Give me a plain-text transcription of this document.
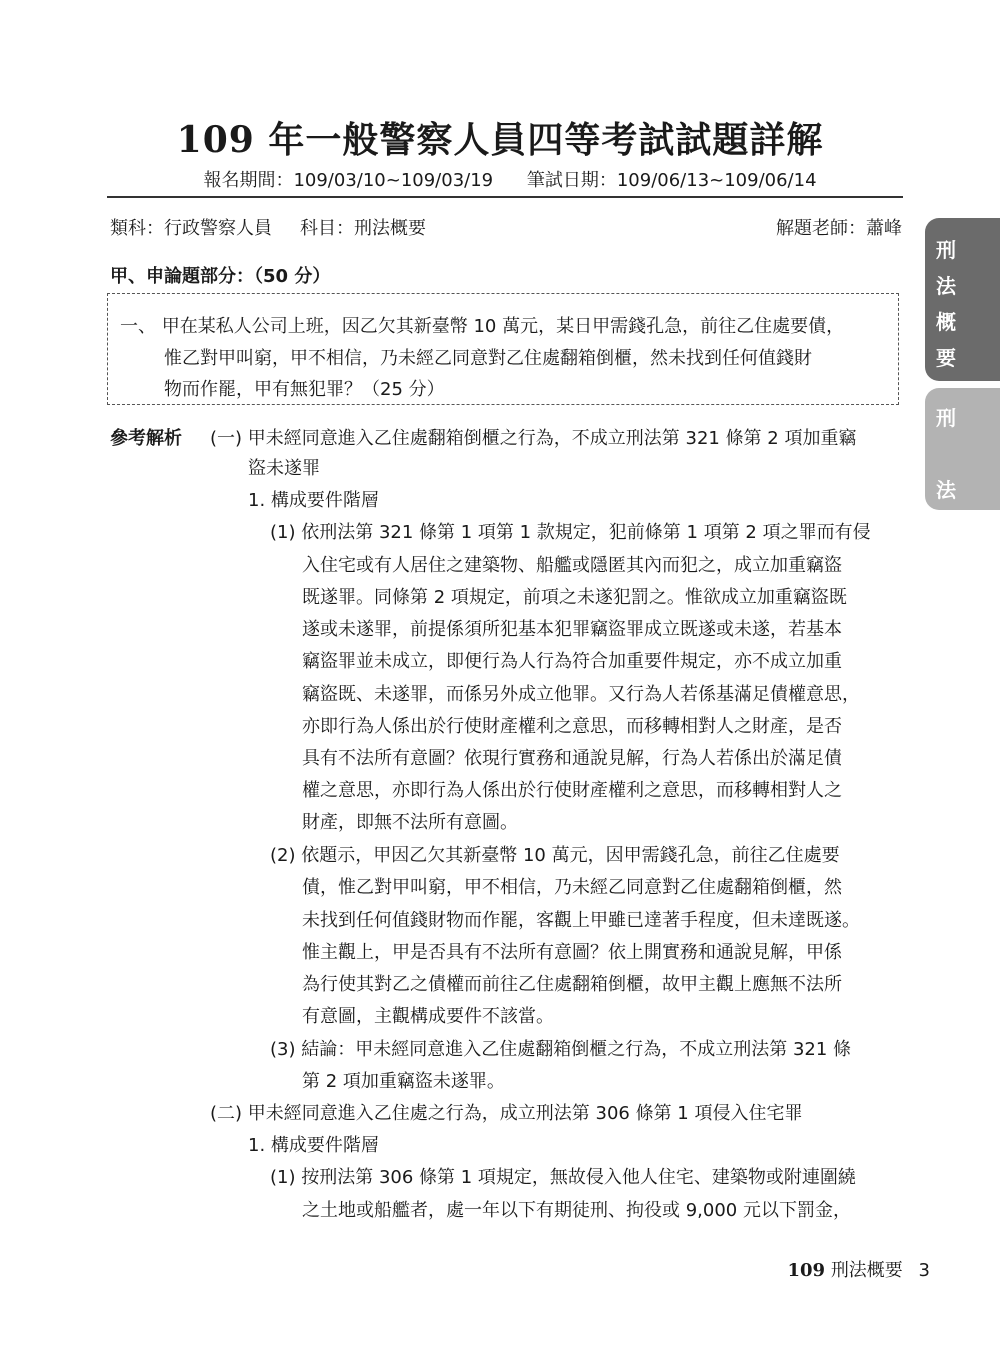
109 年一般警察人員四等考試試題詳解
報名期間：109/03/10~109/03/19 筆試日期：109/06/13~109/06/14
類科：行政警察人員 科目：刑法概要	解題老師：蕭峰
甲、申論題部分：（50 分）
一、 甲在某私人公司上班，因乙欠其新臺幣 10 萬元，某日甲需錢孔急，前往乙住處要債，
惟乙對甲叫窮，甲不相信，乃未經乙同意對乙住處翻箱倒櫃，然未找到任何值錢財
物而作罷，甲有無犯罪？（25 分）
參考解析 (一) 甲未經同意進入乙住處翻箱倒櫃之行為，不成立刑法第 321 條第 2 項加重竊
盜未遂罪
1. 構成要件階層
(1) 依刑法第 321 條第 1 項第 1 款規定，犯前條第 1 項第 2 項之罪而有侵
入住宅或有人居住之建築物、船艦或隱匿其內而犯之，成立加重竊盜
既遂罪。同條第 2 項規定，前項之未遂犯罰之。惟欲成立加重竊盜既
遂或未遂罪，前提係須所犯基本犯罪竊盜罪成立既遂或未遂，若基本
竊盜罪並未成立，即便行為人行為符合加重要件規定，亦不成立加重
竊盜既、未遂罪，而係另外成立他罪。又行為人若係基滿足債權意思，
亦即行為人係出於行使財產權利之意思，而移轉相對人之財產，是否
具有不法所有意圖？依現行實務和通說見解，行為人若係出於滿足債
權之意思，亦即行為人係出於行使財產權利之意思，而移轉相對人之
財產，即無不法所有意圖。
(2) 依題示，甲因乙欠其新臺幣 10 萬元，因甲需錢孔急，前往乙住處要
債，惟乙對甲叫窮，甲不相信，乃未經乙同意對乙住處翻箱倒櫃，然
未找到任何值錢財物而作罷，客觀上甲雖已達著手程度，但未達既遂。
惟主觀上，甲是否具有不法所有意圖？依上開實務和通說見解，甲係
為行使其對乙之債權而前往乙住處翻箱倒櫃，故甲主觀上應無不法所
有意圖，主觀構成要件不該當。
(3) 結論：甲未經同意進入乙住處翻箱倒櫃之行為，不成立刑法第 321 條
第 2 項加重竊盜未遂罪。
(二) 甲未經同意進入乙住處之行為，成立刑法第 306 條第 1 項侵入住宅罪
1. 構成要件階層
(1) 按刑法第 306 條第 1 項規定，無故侵入他人住宅、建築物或附連圍繞
之土地或船艦者，處一年以下有期徒刑、拘役或 9,000 元以下罰金，
刑
法
概
要
刑
法
109 刑法概要 3
